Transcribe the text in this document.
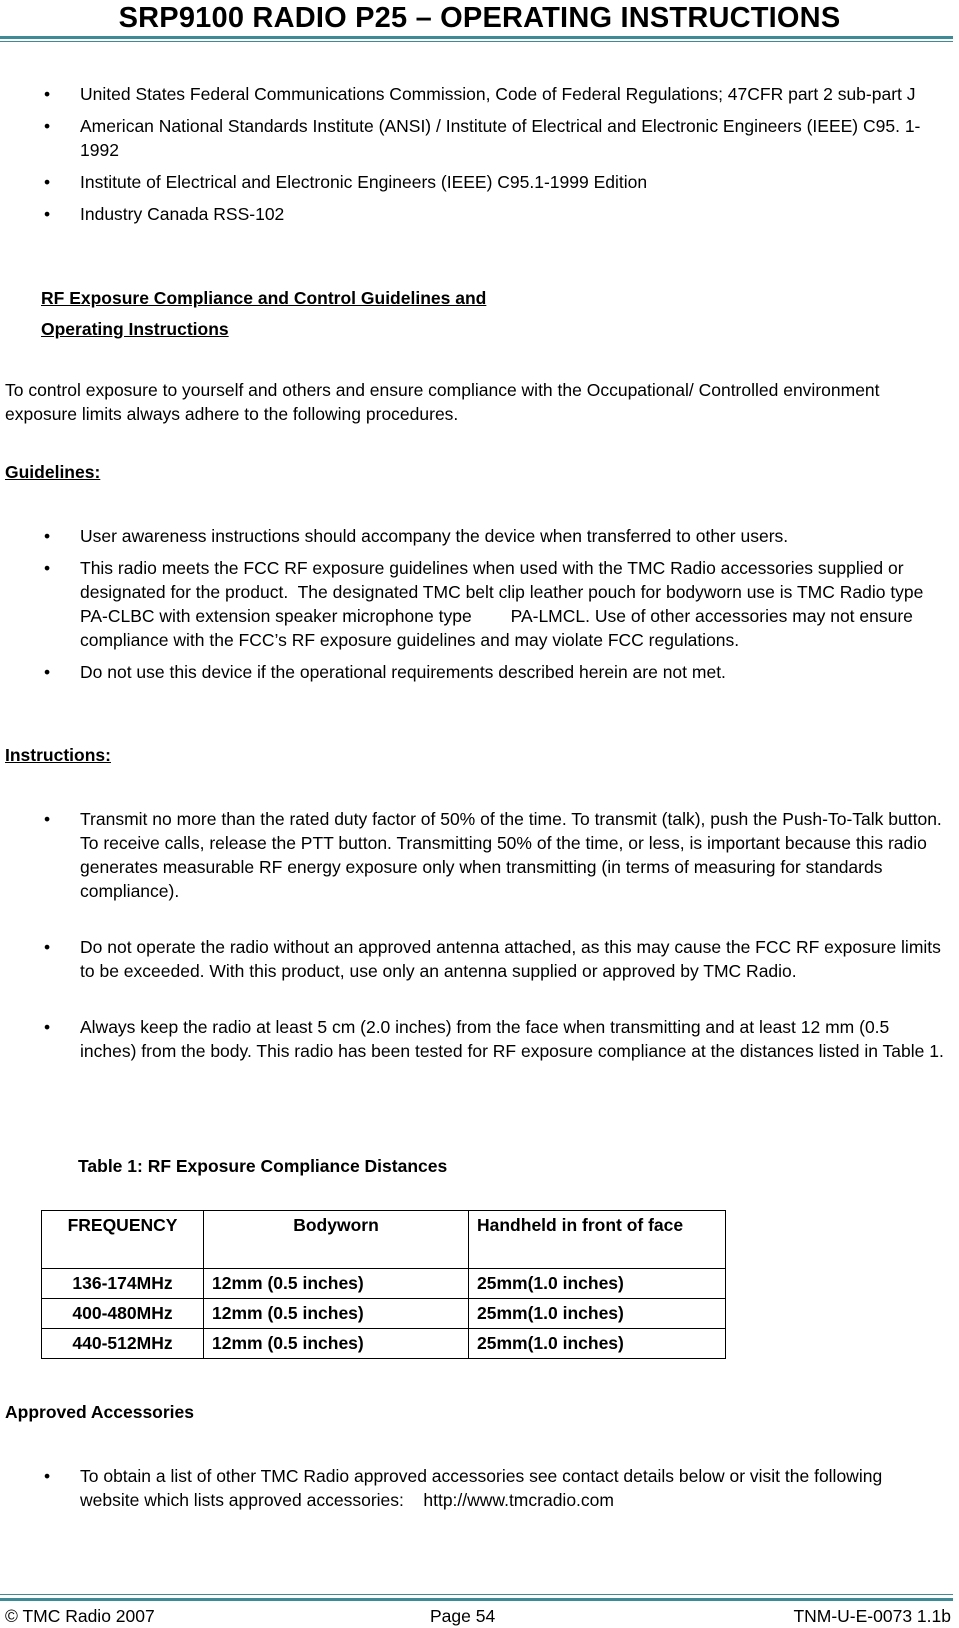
SRP9100 RADIO P25 – OPERATING INSTRUCTIONS
• United States Federal Communications Commission, Code of Federal Regulations; 47CFR part 2 sub-part J
• American National Standards Institute (ANSI) / Institute of Electrical and Electronic Engineers (IEEE) C95. 1-1992
• Institute of Electrical and Electronic Engineers (IEEE) C95.1-1999 Edition
• Industry Canada RSS-102
RF Exposure Compliance and Control Guidelines and
Operating Instructions

To control exposure to yourself and others and ensure compliance with the Occupational/ Controlled environment exposure limits always adhere to the following procedures.

Guidelines:
• User awareness instructions should accompany the device when transferred to other users.
• This radio meets the FCC RF exposure guidelines when used with the TMC Radio accessories supplied or designated for the product.  The designated TMC belt clip leather pouch for bodyworn use is TMC Radio type PA-CLBC with extension speaker microphone type        PA-LMCL. Use of other accessories may not ensure compliance with the FCC’s RF exposure guidelines and may violate FCC regulations.
• Do not use this device if the operational requirements described herein are not met.
Instructions:
• Transmit no more than the rated duty factor of 50% of the time. To transmit (talk), push the Push-To-Talk button. To receive calls, release the PTT button. Transmitting 50% of the time, or less, is important because this radio generates measurable RF energy exposure only when transmitting (in terms of measuring for standards compliance).
• Do not operate the radio without an approved antenna attached, as this may cause the FCC RF exposure limits to be exceeded. With this product, use only an antenna supplied or approved by TMC Radio.
• Always keep the radio at least 5 cm (2.0 inches) from the face when transmitting and at least 12 mm (0.5 inches) from the body. This radio has been tested for RF exposure compliance at the distances listed in Table 1.
Table 1: RF Exposure Compliance Distances
FREQUENCY	Bodyworn	Handheld in front of face
136-174MHz	12mm (0.5 inches)	25mm(1.0 inches)
400-480MHz	12mm (0.5 inches)	25mm(1.0 inches)
440-512MHz	12mm (0.5 inches)	25mm(1.0 inches)
Approved Accessories
• To obtain a list of other TMC Radio approved accessories see contact details below or visit the following website which lists approved accessories: http://www.tmcradio.com
© TMC Radio 2007	Page 54	TNM-U-E-0073 1.1b
